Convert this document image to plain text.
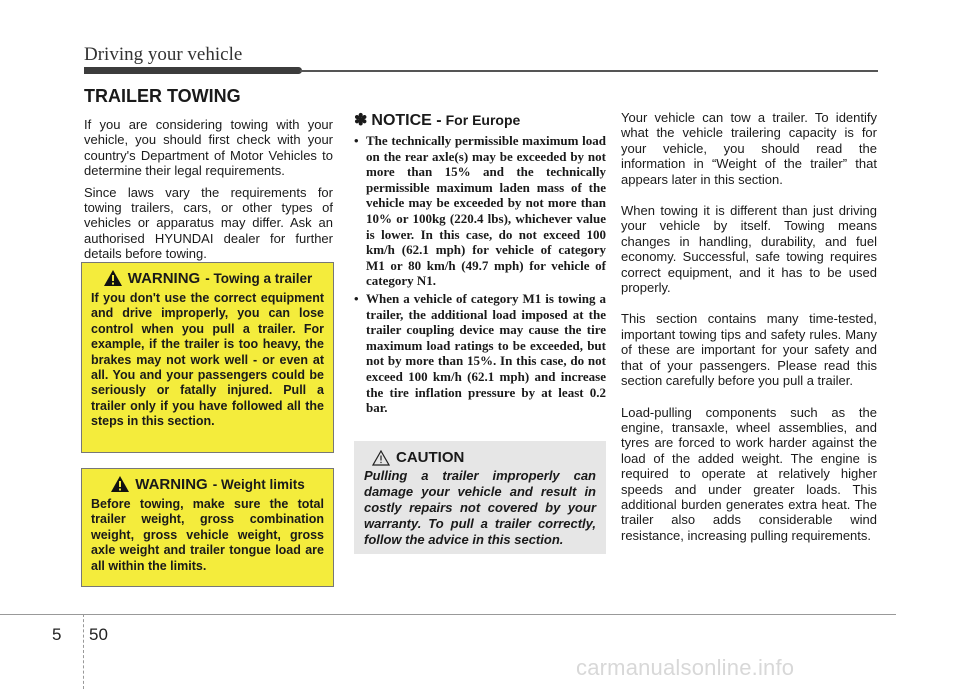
Driving your vehicle
TRAILER TOWING

If you are considering towing with your vehicle, you should first check with your country's Department of Motor Vehicles to determine their legal requirements.

Since laws vary the requirements for towing trailers, cars, or other types of vehicles or apparatus may differ. Ask an authorised HYUNDAI dealer for further details before towing.

WARNING - Towing a trailer

If you don't use the correct equipment and drive improperly, you can lose control when you pull a trailer. For example, if the trailer is too heavy, the brakes may not work well - or even at all. You and your passengers could be seriously or fatally injured. Pull a trailer only if you have followed all the steps in this section.

WARNING - Weight limits

Before towing, make sure the total trailer weight, gross combination weight, gross vehicle weight, gross axle weight and trailer tongue load are all within the limits.

✽ NOTICE - For Europe
• The technically permissible maximum load on the rear axle(s) may be exceeded by not more than 15% and the technically permissible maximum laden mass of the vehicle may be exceeded by not more than 10% or 100kg (220.4 lbs), whichever value is lower. In this case, do not exceed 100 km/h (62.1 mph) for vehicle of category M1 or 80 km/h (49.7 mph) for vehicle of category N1.
• When a vehicle of category M1 is towing a trailer, the additional load imposed at the trailer coupling device may cause the tire maximum load ratings to be exceeded, but not by more than 15%. In this case, do not exceed 100 km/h (62.1 mph) and increase the tire inflation pressure by at least 0.2 bar.
CAUTION

Pulling a trailer improperly can damage your vehicle and result in costly repairs not covered by your warranty. To pull a trailer correctly, follow the advice in this section.

Your vehicle can tow a trailer. To identify what the vehicle trailering capacity is for your vehicle, you should read the information in “Weight of the trailer” that appears later in this section.

When towing it is different than just driving your vehicle by itself. Towing means changes in handling, durability, and fuel economy. Successful, safe towing requires correct equipment, and it has to be used properly.

This section contains many time-tested, important towing tips and safety rules. Many of these are important for your safety and that of your passengers. Please read this section carefully before you pull a trailer.

Load-pulling components such as the engine, transaxle, wheel assemblies, and tyres are forced to work harder against the load of the added weight. The engine is required to operate at relatively higher speeds and under greater loads. This additional burden generates extra heat. The trailer also adds considerable wind resistance, increasing pulling requirements.

5 50
carmanualsonline.info
